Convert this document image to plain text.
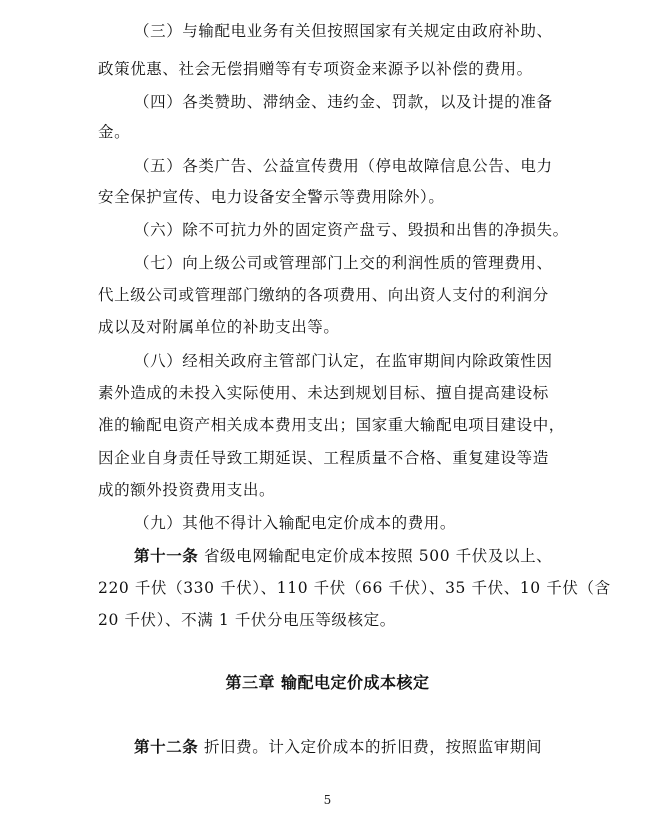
（三）与输配电业务有关但按照国家有关规定由政府补助、
政策优惠、社会无偿捐赠等有专项资金来源予以补偿的费用。
（四）各类赞助、滞纳金、违约金、罚款，以及计提的准备
金。
（五）各类广告、公益宣传费用（停电故障信息公告、电力
安全保护宣传、电力设备安全警示等费用除外）。
（六）除不可抗力外的固定资产盘亏、毁损和出售的净损失。
（七）向上级公司或管理部门上交的利润性质的管理费用、
代上级公司或管理部门缴纳的各项费用、向出资人支付的利润分
成以及对附属单位的补助支出等。
（八）经相关政府主管部门认定，在监审期间内除政策性因
素外造成的未投入实际使用、未达到规划目标、擅自提高建设标
准的输配电资产相关成本费用支出；国家重大输配电项目建设中，
因企业自身责任导致工期延误、工程质量不合格、重复建设等造
成的额外投资费用支出。
（九）其他不得计入输配电定价成本的费用。
第十一条 省级电网输配电定价成本按照 500 千伏及以上、
220 千伏（330 千伏）、110 千伏（66 千伏）、35 千伏、10 千伏（含
20 千伏）、不满 1 千伏分电压等级核定。
第三章 输配电定价成本核定
第十二条 折旧费。计入定价成本的折旧费，按照监审期间
5
